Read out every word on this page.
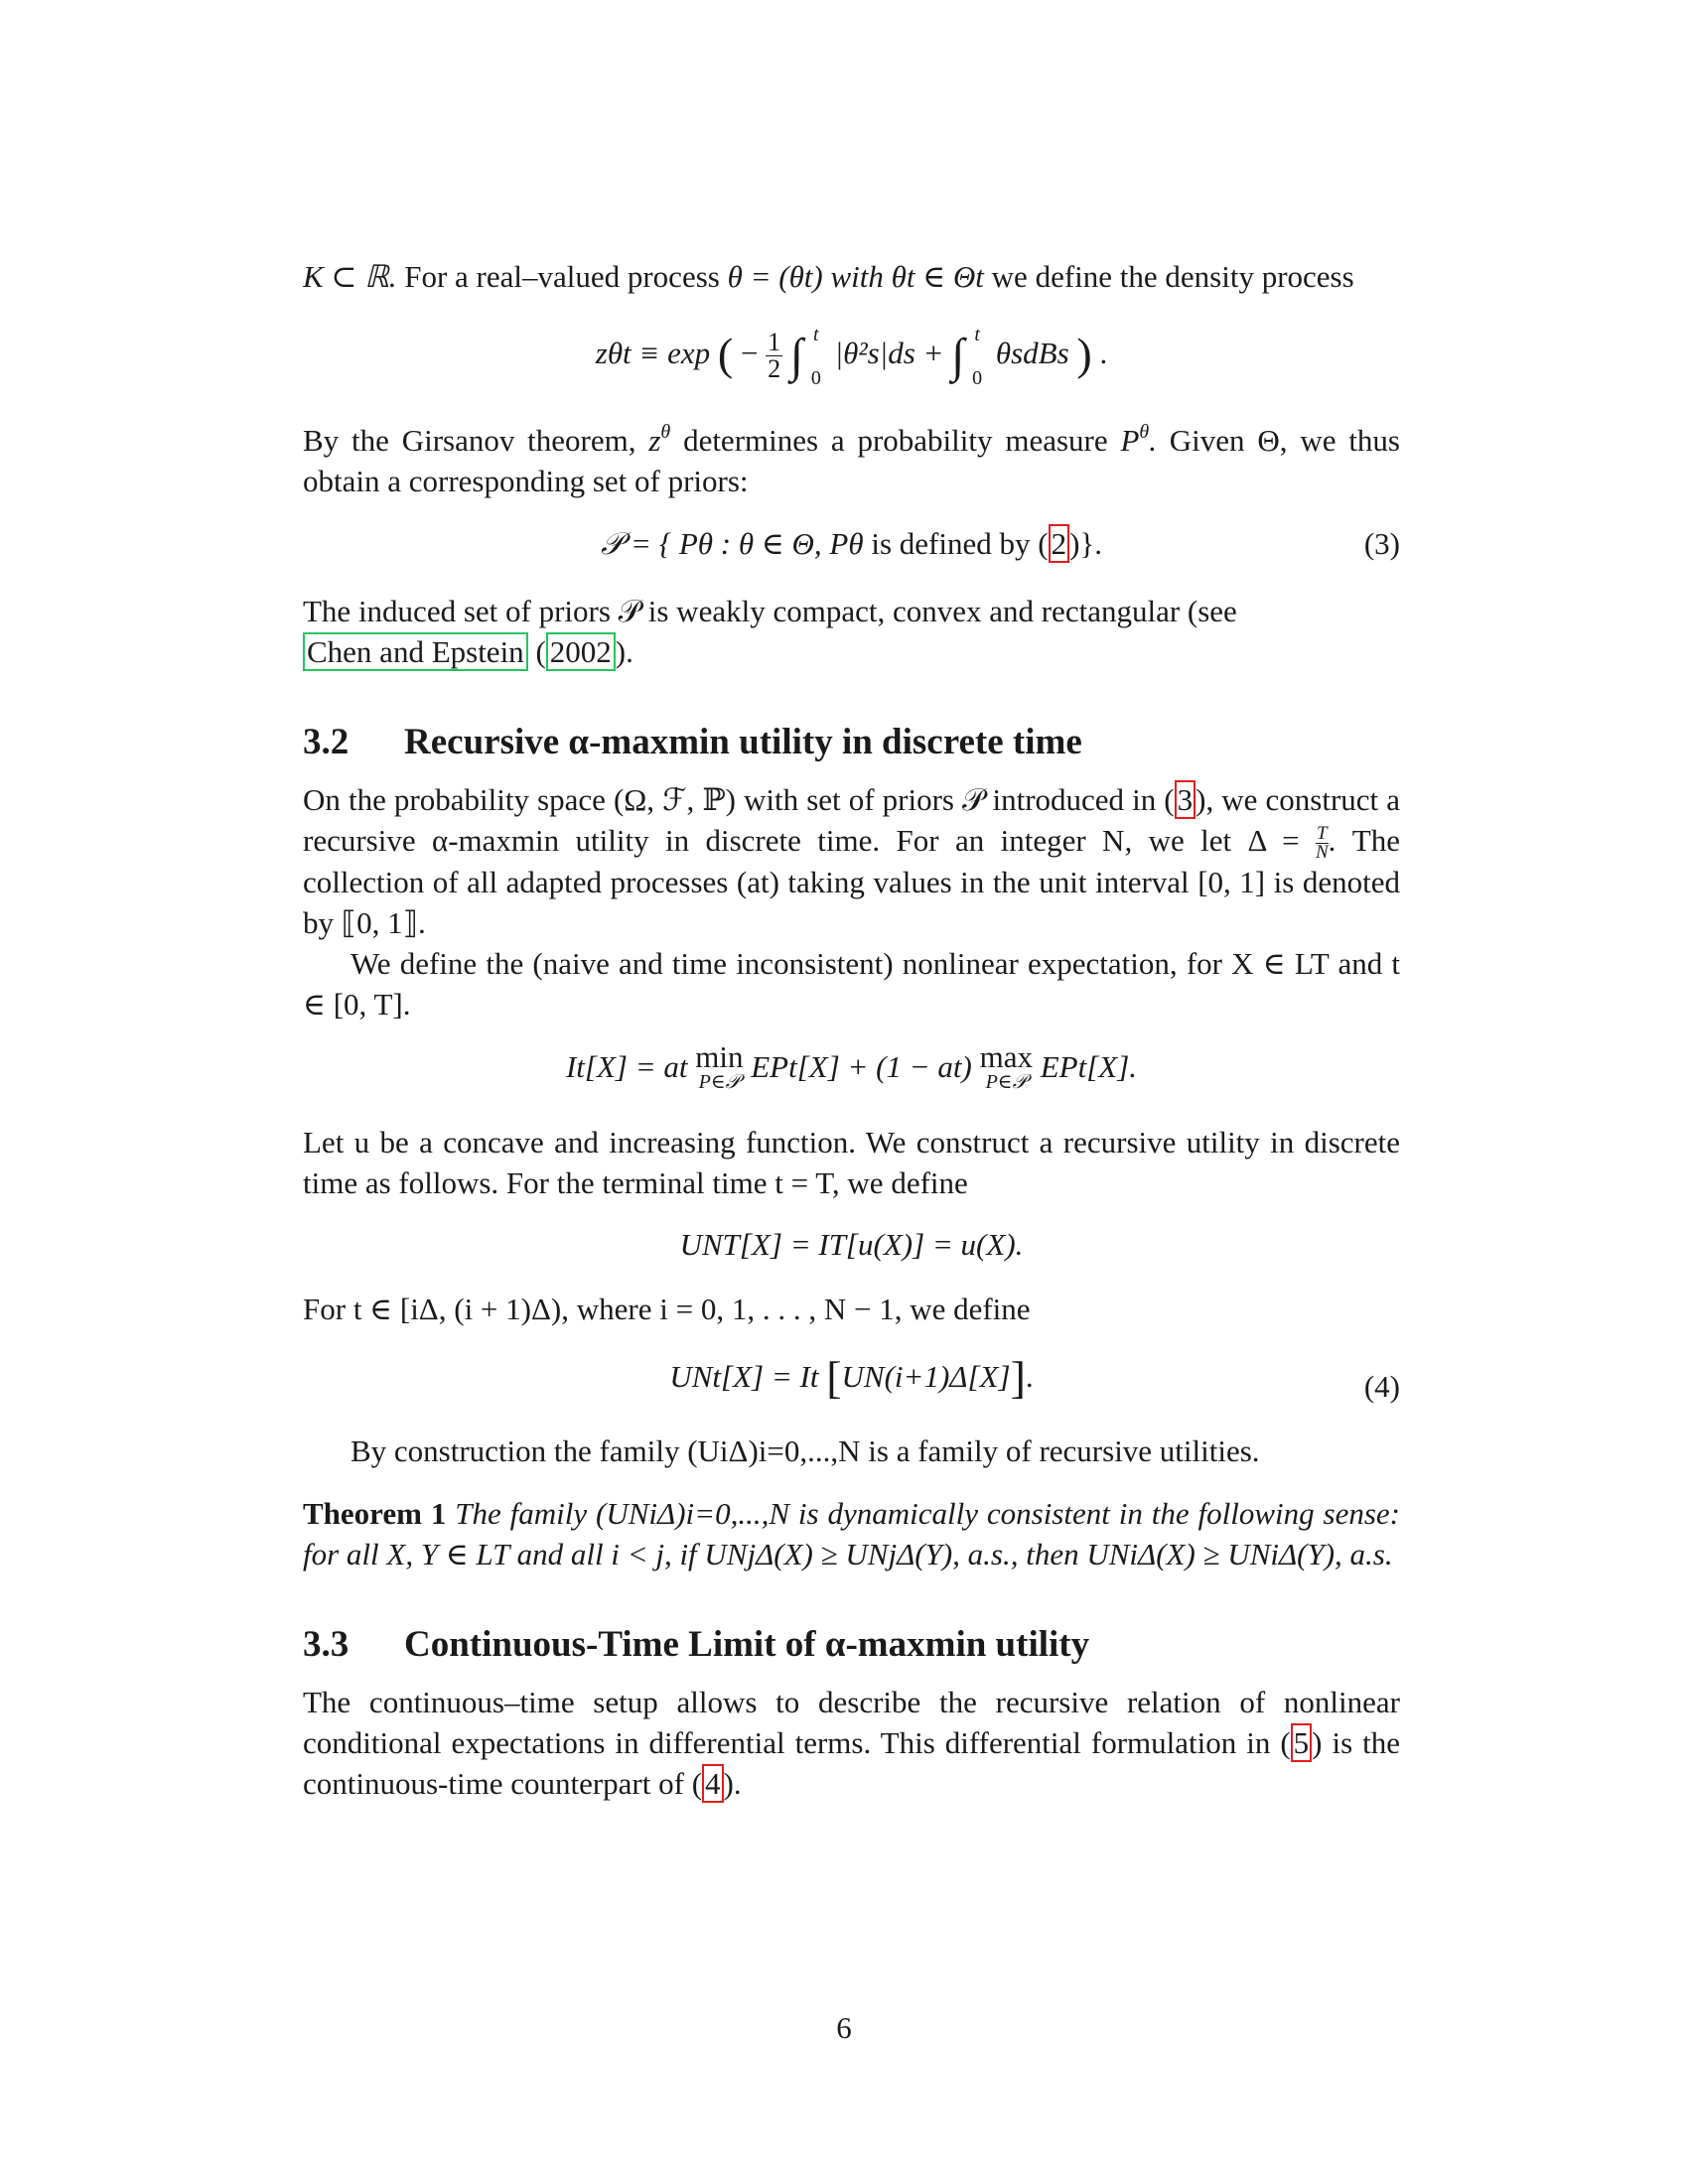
K ⊂ ℝ. For a real–valued process θ = (θt) with θt ∈ Θt we define the density process

zθt ≡ exp ( − $\frac{1}{2}$ ∫ t
0
|θ²s|ds + ∫ t
0
θsdBs ) .

By the Girsanov theorem, $z^\theta$ determines a probability measure $P^\theta$. Given Θ, we thus obtain a corresponding set of priors:

𝒫 = { Pθ : θ ∈ Θ, Pθ is defined by (2)}.	(3)

The induced set of priors 𝒫 is weakly compact, convex and rectangular (see
Chen and Epstein ( 2002 ).

3.2 Recursive α-maxmin utility in discrete time

On the probability space (Ω, ℱ, ℙ) with set of priors 𝒫 introduced in (3), we construct a recursive α-maxmin utility in discrete time. For an integer N, we let $\Delta = \frac{T}{N}$. The collection of all adapted processes (at) taking values in the unit interval [0, 1] is denoted by ⟦0, 1⟧.

We define the (naive and time inconsistent) nonlinear expectation, for X ∈ LT and t ∈ [0, T].

It[X] = at min
P∈𝒫 EPt[X] + (1 − at) max
P∈𝒫 EPt[X].

Let u be a concave and increasing function. We construct a recursive utility in discrete time as follows. For the terminal time t = T, we define

UNT[X] = IT[u(X)] = u(X).

For t ∈ [iΔ, (i + 1)Δ), where i = 0, 1, . . . , N − 1, we define

UNt[X] = It [UN(i+1)Δ[X]].	(4)

By construction the family (UiΔ)i=0,...,N is a family of recursive utilities.

Theorem 1 The family (UNiΔ)i=0,...,N is dynamically consistent in the following sense: for all X, Y ∈ LT and all i < j, if UNjΔ(X) ≥ UNjΔ(Y), a.s., then UNiΔ(X) ≥ UNiΔ(Y), a.s.

3.3 Continuous-Time Limit of α-maxmin utility

The continuous–time setup allows to describe the recursive relation of nonlinear conditional expectations in differential terms. This differential formulation in (5) is the continuous-time counterpart of (4).

6
